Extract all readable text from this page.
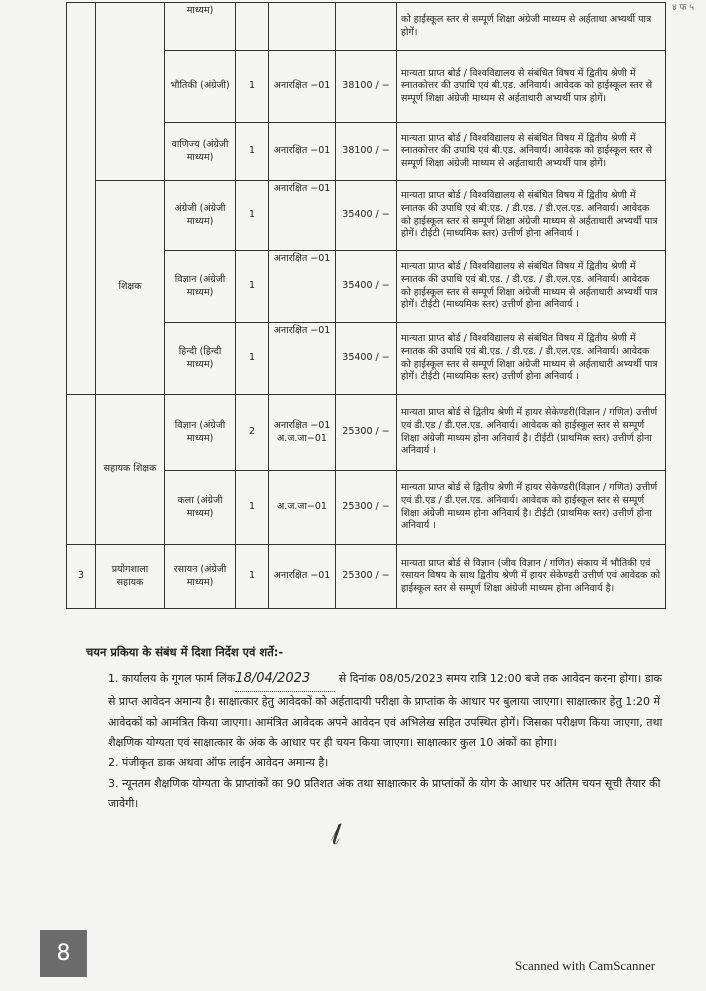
४ फ ५
		माध्यम)				को हाईस्कूल स्तर से सम्पूर्ण शिक्षा अंग्रेजी माध्यम से अर्हताधा अभ्यर्थी पात्र होगें।
		भौतिकी (अंग्रेजी)	1	अनारक्षित −01	38100 / −	मान्यता प्राप्त बोर्ड / विश्वविद्यालय से संबंधित विषय में द्वितीय श्रेणी में स्नातकोत्तर की उपाधि एवं बी.एड. अनिवार्य। आवेदक को हाईस्कूल स्तर से सम्पूर्ण शिक्षा अंग्रेजी माध्यम से अर्हताधारी अभ्यर्थी पात्र होगें।
		वाणिज्य (अंग्रेजी माध्यम)	1	अनारक्षित −01	38100 / −	मान्यता प्राप्त बोर्ड / विश्वविद्यालय से संबंधित विषय में द्वितीय श्रेणी में स्नातकोत्तर की उपाधि एवं बी.एड. अनिवार्य। आवेदक को हाईस्कूल स्तर से सम्पूर्ण शिक्षा अंग्रेजी माध्यम से अर्हताधारी अभ्यर्थी पात्र होगें।
	शिक्षक	अंग्रेजी (अंग्रेजी माध्यम)	1	अनारक्षित −01	35400 / −	मान्यता प्राप्त बोर्ड / विश्वविद्यालय से संबंधित विषय में द्वितीय श्रेणी में स्नातक की उपाधि एवं बी.एड. / डी.एड. / डी.एल.एड. अनिवार्य। आवेदक को हाईस्कूल स्तर से सम्पूर्ण शिक्षा अंग्रेजी माध्यम से अर्हताधारी अभ्यर्थी पात्र होगें। टीईटी (माध्यमिक स्तर) उत्तीर्ण होना अनिवार्य ।
		विज्ञान (अंग्रेजी माध्यम)	1	अनारक्षित −01	35400 / −	मान्यता प्राप्त बोर्ड / विश्वविद्यालय से संबंधित विषय में द्वितीय श्रेणी में स्नातक की उपाधि एवं बी.एड. / डी.एड. / डी.एल.एड. अनिवार्य। आवेदक को हाईस्कूल स्तर से सम्पूर्ण शिक्षा अंग्रेजी माध्यम से अर्हताधारी अभ्यर्थी पात्र होगें। टीईटी (माध्यमिक स्तर) उत्तीर्ण होना अनिवार्य ।
		हिन्दी (हिन्दी माध्यम)	1	अनारक्षित −01	35400 / −	मान्यता प्राप्त बोर्ड / विश्वविद्यालय से संबंधित विषय में द्वितीय श्रेणी में स्नातक की उपाधि एवं बी.एड. / डी.एड. / डी.एल.एड. अनिवार्य। आवेदक को हाईस्कूल स्तर से सम्पूर्ण शिक्षा अंग्रेजी माध्यम से अर्हताधारी अभ्यर्थी पात्र होगें। टीईटी (माध्यमिक स्तर) उत्तीर्ण होना अनिवार्य ।
	सहायक शिक्षक	विज्ञान (अंग्रेजी माध्यम)	2	अनारक्षित −01 अ.ज.जा−01	25300 / −	मान्यता प्राप्त बोर्ड से द्वितीय श्रेणी में हायर सेकेण्डरी(विज्ञान / गणित) उत्तीर्ण एवं डी.एड / डी.एल.एड. अनिवार्य। आवेदक को हाईस्कूल स्तर से सम्पूर्ण शिक्षा अंग्रेजी माध्यम होना अनिवार्य है। टीईटी (प्राथमिक स्तर) उत्तीर्ण होना अनिवार्य ।
		कला (अंग्रेजी माध्यम)	1	अ.ज.जा−01	25300 / −	मान्यता प्राप्त बोर्ड से द्वितीय श्रेणी में हायर सेकेण्डरी(विज्ञान / गणित) उत्तीर्ण एवं डी.एड / डी.एल.एड. अनिवार्य। आवेदक को हाईस्कूल स्तर से सम्पूर्ण शिक्षा अंग्रेजी माध्यम होना अनिवार्य है। टीईटी (प्राथमिक स्तर) उत्तीर्ण होना अनिवार्य ।
3	प्रयोगशाला सहायक	रसायन (अंग्रेजी माध्यम)	1	अनारक्षित −01	25300 / −	मान्यता प्राप्त बोर्ड से विज्ञान (जीव विज्ञान / गणित) संकाय में भौतिकी एवं रसायन विषय के साथ द्वितीय श्रेणी में हायर सेकेण्डरी उत्तीर्ण एवं आवेदक को हाईस्कूल स्तर से सम्पूर्ण शिक्षा अंग्रेजी माध्यम होना अनिवार्य है।
चयन प्रकिया के संबंध में दिशा निर्देश एवं शर्ते:-

1. कार्यालय के गूगल फार्म लिंक18/04/2023	से दिनांक 08/05/2023 समय रात्रि 12:00 बजे तक आवेदन करना होगा। डाक से प्राप्त आवेदन अमान्य है। साक्षात्कार हेतु आवेदकों को अर्हतादायी परीक्षा के प्राप्तांक के आधार पर बुलाया जाएगा। साक्षात्कार हेतु 1:20 में आवेदकों को आमंत्रित किया जाएगा। आमंत्रित आवेदक अपने आवेदन एवं अभिलेख सहित उपस्थित होगें। जिसका परीक्षण किया जाएगा, तथा शैक्षणिक योग्यता एवं साक्षात्कार के अंक के आधार पर ही चयन किया जाएगा। साक्षात्कार कुल 10 अंकों का होगा।

2. पंजीकृत डाक अथवा ऑफ लाईन आवेदन अमान्य है।

3. न्यूनतम शैक्षणिक योग्यता के प्राप्तांकों का 90 प्रतिशत अंक तथा साक्षात्कार के प्राप्तांकों के योग के आधार पर अंतिम चयन सूची तैयार की जावेगी।

𝓁
8	Scanned with CamScanner
